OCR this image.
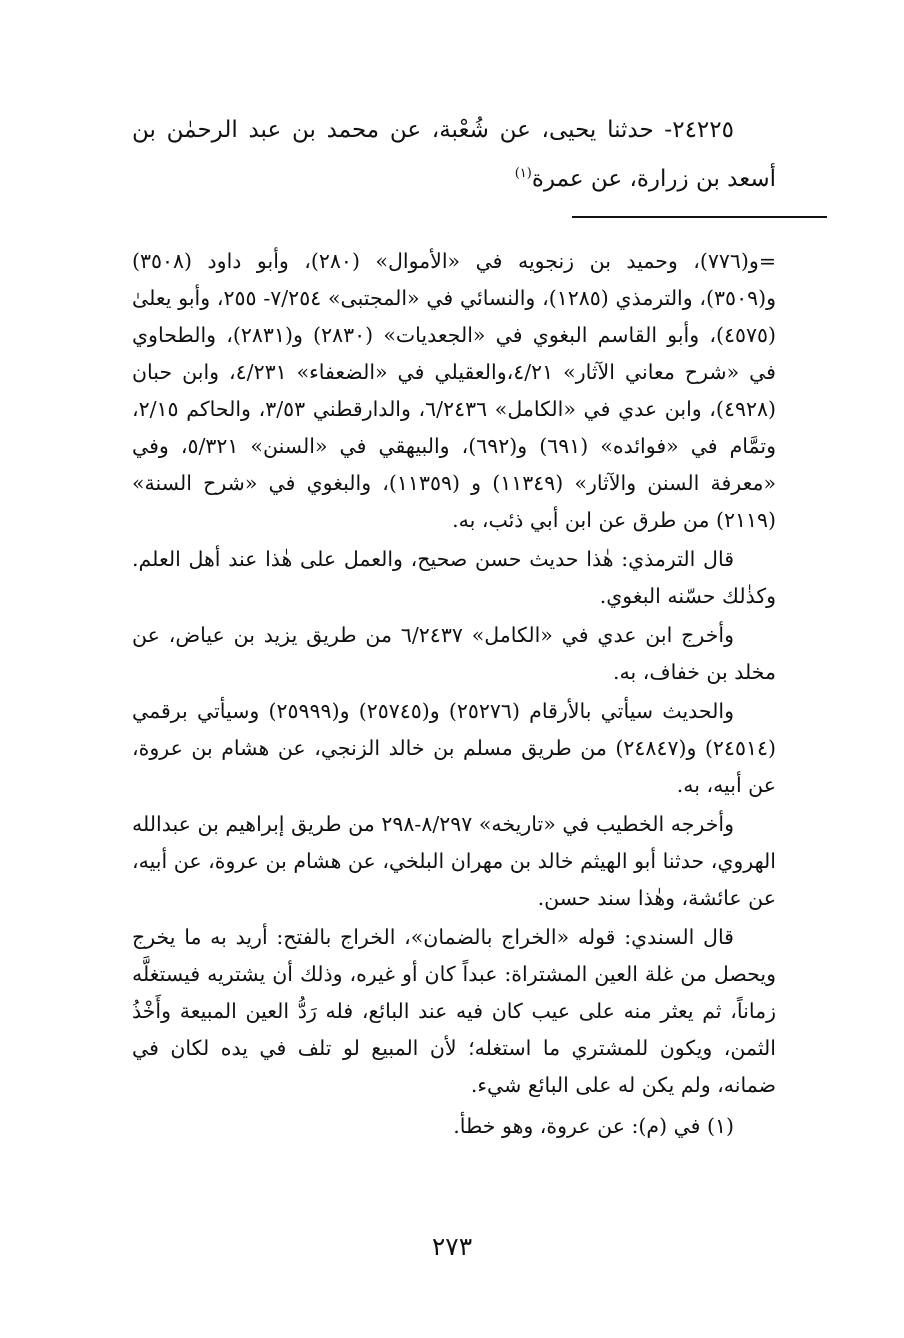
٢٤٢٢٥- حدثنا يحيى، عن شُعْبة، عن محمد بن عبد الرحمٰن بن أسعد بن زرارة، عن عمرة$^{(١)}$

=و(٧٧٦)، وحميد بن زنجويه في «الأموال» (٢٨٠)، وأبو داود (٣٥٠٨) و(٣٥٠٩)، والترمذي (١٢٨٥)، والنسائي في «المجتبى» ٧/٢٥٤- ٢٥٥، وأبو يعلىٰ (٤٥٧٥)، وأبو القاسم البغوي في «الجعديات» (٢٨٣٠) و(٢٨٣١)، والطحاوي في «شرح معاني الآثار» ٤/٢١،والعقيلي في «الضعفاء» ٤/٢٣١، وابن حبان (٤٩٢٨)، وابن عدي في «الكامل» ٦/٢٤٣٦، والدارقطني ٣/٥٣، والحاكم ٢/١٥، وتمَّام في «فوائده» (٦٩١) و(٦٩٢)، والبيهقي في «السنن» ٥/٣٢١، وفي «معرفة السنن والآثار» (١١٣٤٩) و (١١٣٥٩)، والبغوي في «شرح السنة» (٢١١٩) من طرق عن ابن أبي ذئب، به.

قال الترمذي: هٰذا حديث حسن صحيح، والعمل على هٰذا عند أهل العلم. وكذٰلك حسّنه البغوي.

وأخرج ابن عدي في «الكامل» ٦/٢٤٣٧ من طريق يزيد بن عياض، عن مخلد بن خفاف، به.

والحديث سيأتي بالأرقام (٢٥٢٧٦) و(٢٥٧٤٥) و(٢٥٩٩٩) وسيأتي برقمي (٢٤٥١٤) و(٢٤٨٤٧) من طريق مسلم بن خالد الزنجي، عن هشام بن عروة، عن أبيه، به.

وأخرجه الخطيب في «تاريخه» ٨/٢٩٧-٢٩٨ من طريق إبراهيم بن عبدالله الهروي، حدثنا أبو الهيثم خالد بن مهران البلخي، عن هشام بن عروة، عن أبيه، عن عائشة، وهٰذا سند حسن.

قال السندي: قوله «الخراج بالضمان»، الخراج بالفتح: أريد به ما يخرج ويحصل من غلة العين المشتراة: عبداً كان أو غيره، وذلك أن يشتريه فيستغلَّه زماناً، ثم يعثر منه على عيب كان فيه عند البائع، فله رَدُّ العين المبيعة وأَخْذُ الثمن، ويكون للمشتري ما استغله؛ لأن المبيع لو تلف في يده لكان في ضمانه، ولم يكن له على البائع شيء.

(١) في (م): عن عروة، وهو خطأ.

٢٧٣
